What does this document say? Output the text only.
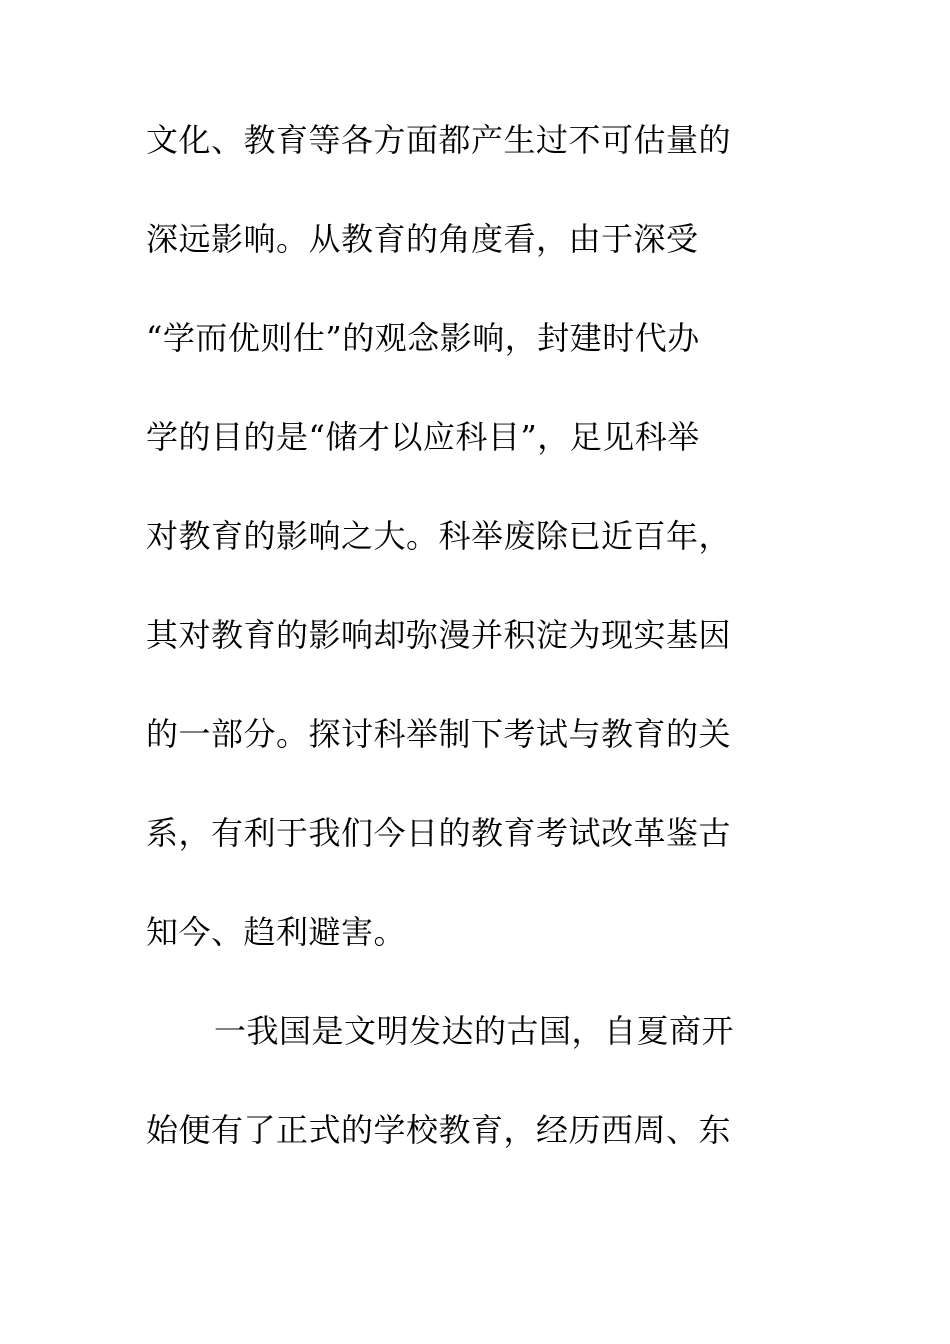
文化、教育等各方面都产生过不可估量的
深远影响。从教育的角度看，由于深受
“学而优则仕”的观念影响，封建时代办
学的目的是“储才以应科目”，足见科举
对教育的影响之大。科举废除已近百年，
其对教育的影响却弥漫并积淀为现实基因
的一部分。探讨科举制下考试与教育的关
系，有利于我们今日的教育考试改革鉴古
知今、趋利避害。
一我国是文明发达的古国，自夏商开
始便有了正式的学校教育，经历西周、东
